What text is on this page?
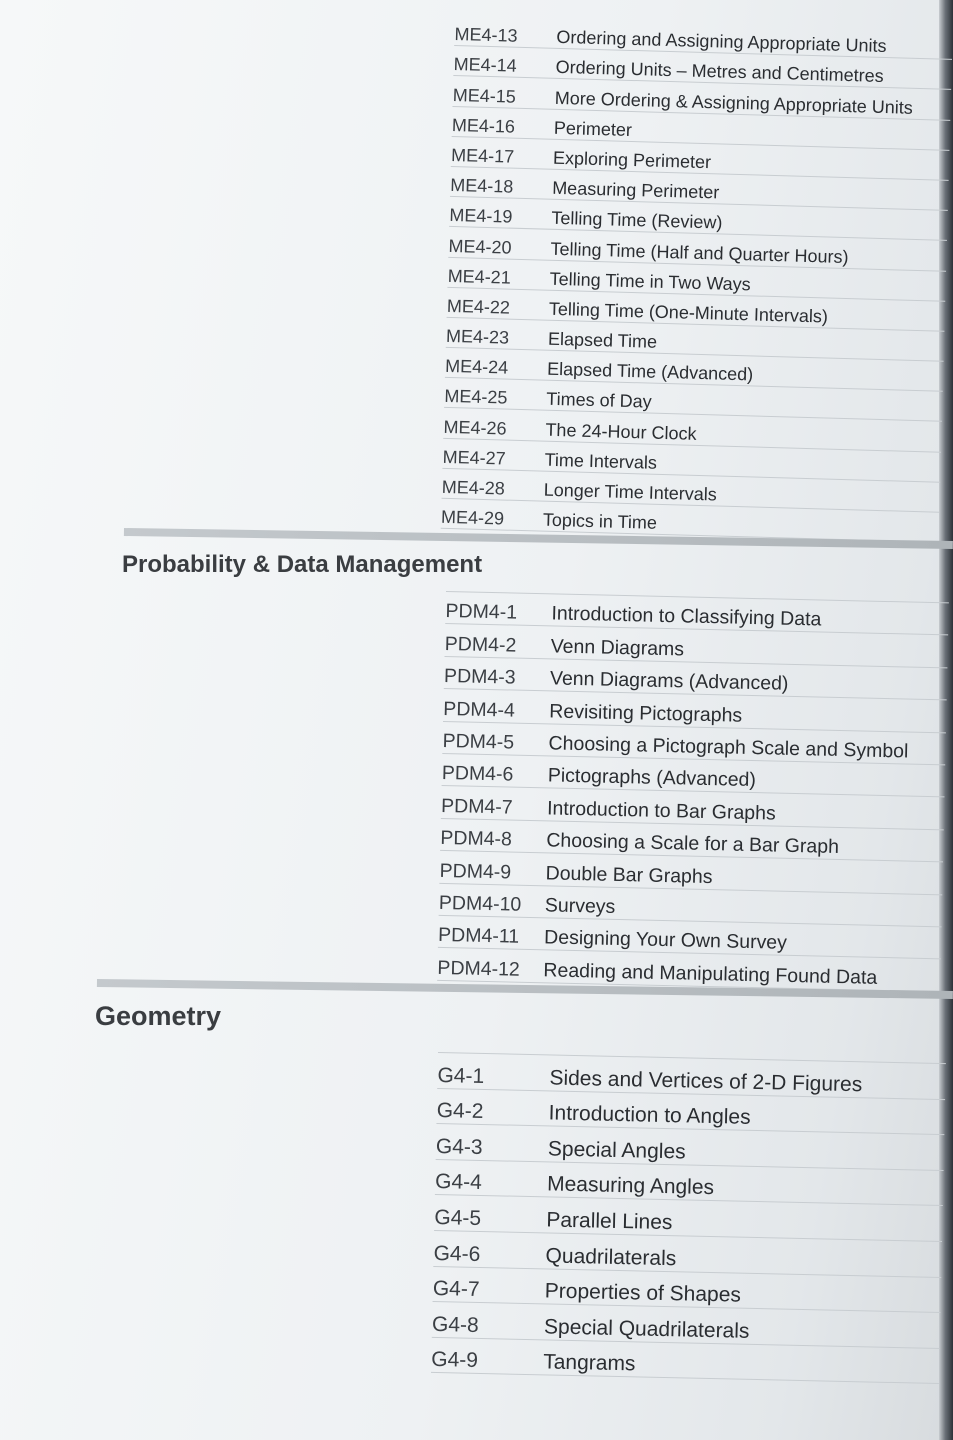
ME4-13	Ordering and Assigning Appropriate Units
ME4-14	Ordering Units – Metres and Centimetres
ME4-15	More Ordering & Assigning Appropriate Units
ME4-16	Perimeter
ME4-17	Exploring Perimeter
ME4-18	Measuring Perimeter
ME4-19	Telling Time (Review)
ME4-20	Telling Time (Half and Quarter Hours)
ME4-21	Telling Time in Two Ways
ME4-22	Telling Time (One-Minute Intervals)
ME4-23	Elapsed Time
ME4-24	Elapsed Time (Advanced)
ME4-25	Times of Day
ME4-26	The 24-Hour Clock
ME4-27	Time Intervals
ME4-28	Longer Time Intervals
ME4-29	Topics in Time
Probability & Data Management
PDM4-1	Introduction to Classifying Data
PDM4-2	Venn Diagrams
PDM4-3	Venn Diagrams (Advanced)
PDM4-4	Revisiting Pictographs
PDM4-5	Choosing a Pictograph Scale and Symbol
PDM4-6	Pictographs (Advanced)
PDM4-7	Introduction to Bar Graphs
PDM4-8	Choosing a Scale for a Bar Graph
PDM4-9	Double Bar Graphs
PDM4-10	Surveys
PDM4-11	Designing Your Own Survey
PDM4-12	Reading and Manipulating Found Data
Geometry
G4-1	Sides and Vertices of 2-D Figures
G4-2	Introduction to Angles
G4-3	Special Angles
G4-4	Measuring Angles
G4-5	Parallel Lines
G4-6	Quadrilaterals
G4-7	Properties of Shapes
G4-8	Special Quadrilaterals
G4-9	Tangrams
